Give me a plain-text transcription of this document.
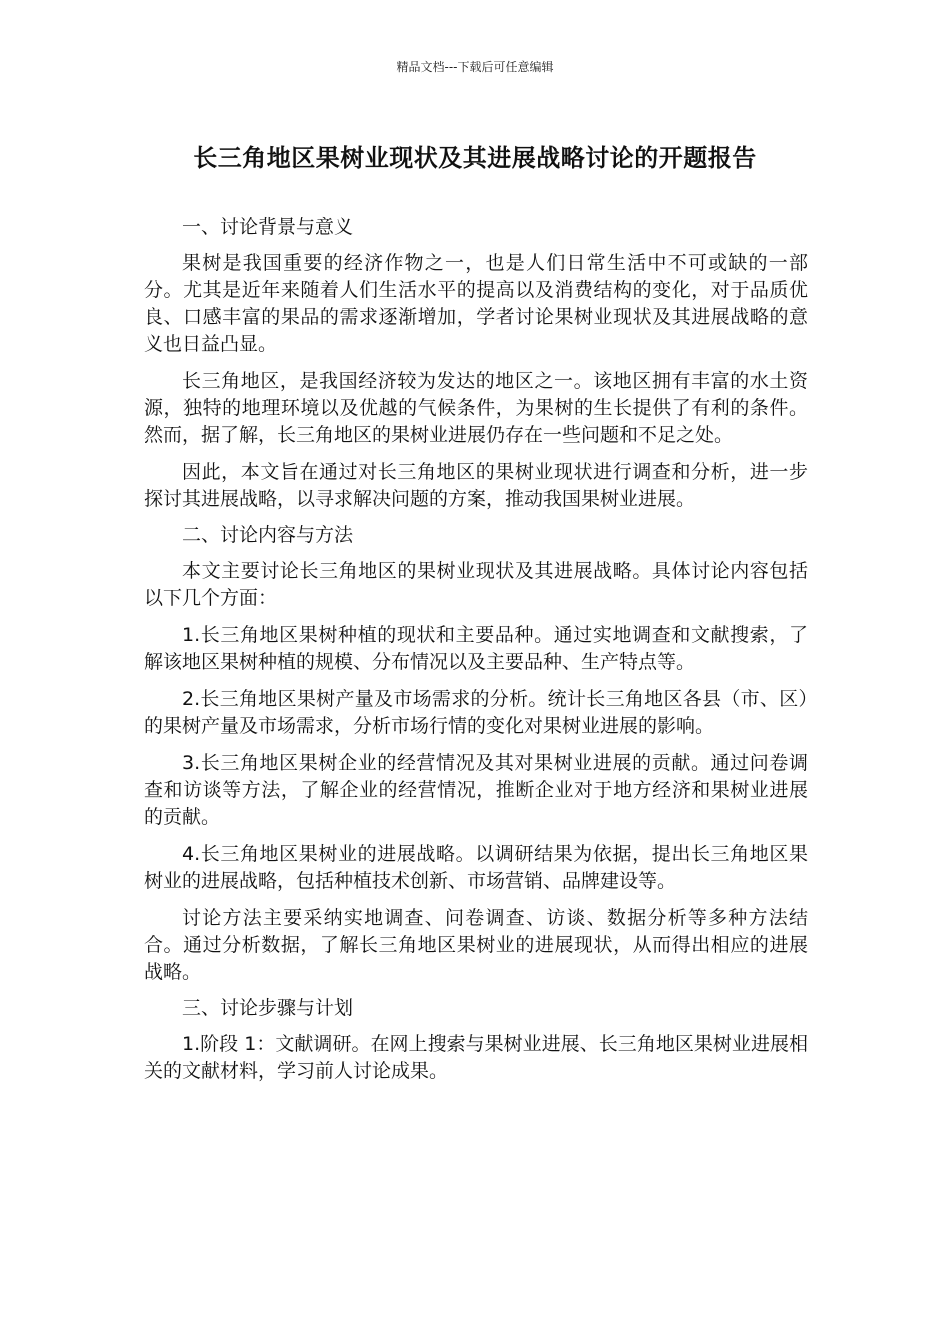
精品文档---下载后可任意编辑
长三角地区果树业现状及其进展战略讨论的开题报告

一、讨论背景与意义

果树是我国重要的经济作物之一，也是人们日常生活中不可或缺的一部分。尤其是近年来随着人们生活水平的提高以及消费结构的变化，对于品质优良、口感丰富的果品的需求逐渐增加，学者讨论果树业现状及其进展战略的意义也日益凸显。

长三角地区，是我国经济较为发达的地区之一。该地区拥有丰富的水土资源，独特的地理环境以及优越的气候条件，为果树的生长提供了有利的条件。然而，据了解，长三角地区的果树业进展仍存在一些问题和不足之处。

因此，本文旨在通过对长三角地区的果树业现状进行调查和分析，进一步探讨其进展战略，以寻求解决问题的方案，推动我国果树业进展。

二、讨论内容与方法

本文主要讨论长三角地区的果树业现状及其进展战略。具体讨论内容包括以下几个方面：

1.长三角地区果树种植的现状和主要品种。通过实地调查和文献搜索，了解该地区果树种植的规模、分布情况以及主要品种、生产特点等。

2.长三角地区果树产量及市场需求的分析。统计长三角地区各县（市、区）的果树产量及市场需求，分析市场行情的变化对果树业进展的影响。

3.长三角地区果树企业的经营情况及其对果树业进展的贡献。通过问卷调查和访谈等方法，了解企业的经营情况，推断企业对于地方经济和果树业进展的贡献。

4.长三角地区果树业的进展战略。以调研结果为依据，提出长三角地区果树业的进展战略，包括种植技术创新、市场营销、品牌建设等。

讨论方法主要采纳实地调查、问卷调查、访谈、数据分析等多种方法结合。通过分析数据，了解长三角地区果树业的进展现状，从而得出相应的进展战略。

三、讨论步骤与计划

1.阶段 1：文献调研。在网上搜索与果树业进展、长三角地区果树业进展相关的文献材料，学习前人讨论成果。
